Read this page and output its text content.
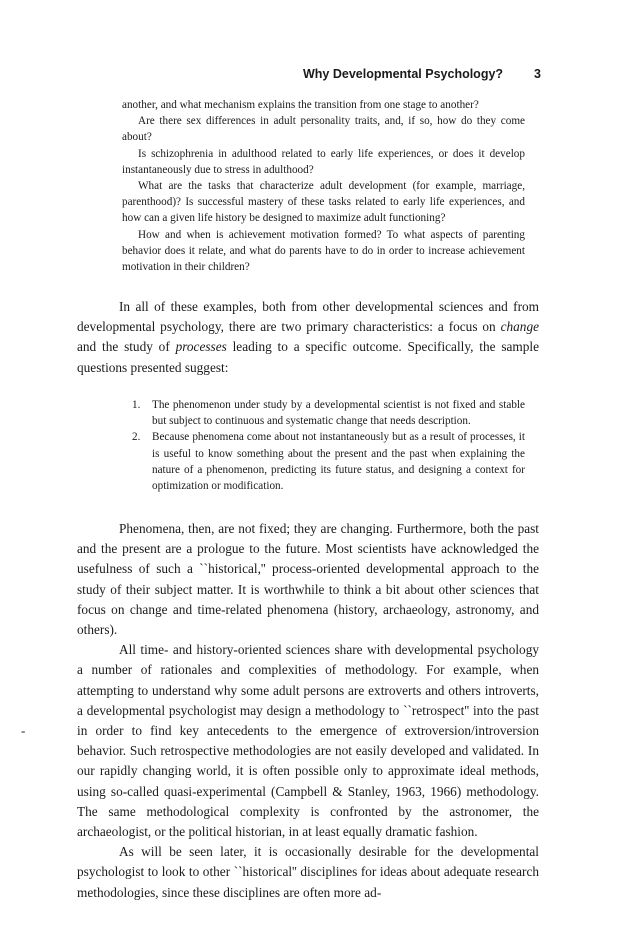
Why Developmental Psychology? 3

another, and what mechanism explains the transition from one stage to another?

Are there sex differences in adult personality traits, and, if so, how do they come about?

Is schizophrenia in adulthood related to early life experiences, or does it develop instantaneously due to stress in adulthood?

What are the tasks that characterize adult development (for example, marriage, parenthood)? Is successful mastery of these tasks related to early life experiences, and how can a given life history be designed to maximize adult functioning?

How and when is achievement motivation formed? To what aspects of parenting behavior does it relate, and what do parents have to do in order to increase achievement motivation in their children?

In all of these examples, both from other developmental sciences and from developmental psychology, there are two primary characteristics: a focus on change and the study of processes leading to a specific outcome. Specifically, the sample questions presented suggest:

1. The phenomenon under study by a developmental scientist is not fixed and stable but subject to continuous and systematic change that needs description.
2. Because phenomena come about not instantaneously but as a result of processes, it is useful to know something about the present and the past when explaining the nature of a phenomenon, predicting its future status, and designing a context for optimization or modification.

Phenomena, then, are not fixed; they are changing. Furthermore, both the past and the present are a prologue to the future. Most scientists have acknowledged the usefulness of such a ``historical,'' process-oriented developmental approach to the study of their subject matter. It is worthwhile to think a bit about other sciences that focus on change and time-related phenomena (history, archaeology, astronomy, and others).

All time- and history-oriented sciences share with developmental psychology a number of rationales and complexities of methodology. For example, when attempting to understand why some adult persons are extroverts and others introverts, a developmental psychologist may design a methodology to ``retrospect'' into the past in order to find key antecedents to the emergence of extroversion/introversion behavior. Such retrospective methodologies are not easily developed and validated. In our rapidly changing world, it is often possible only to approximate ideal methods, using so-called quasi-experimental (Campbell & Stanley, 1963, 1966) methodology. The same methodological complexity is confronted by the astronomer, the archaeologist, or the political historian, in at least equally dramatic fashion.

As will be seen later, it is occasionally desirable for the developmental psychologist to look to other ``historical'' disciplines for ideas about adequate research methodologies, since these disciplines are often more ad-

-
